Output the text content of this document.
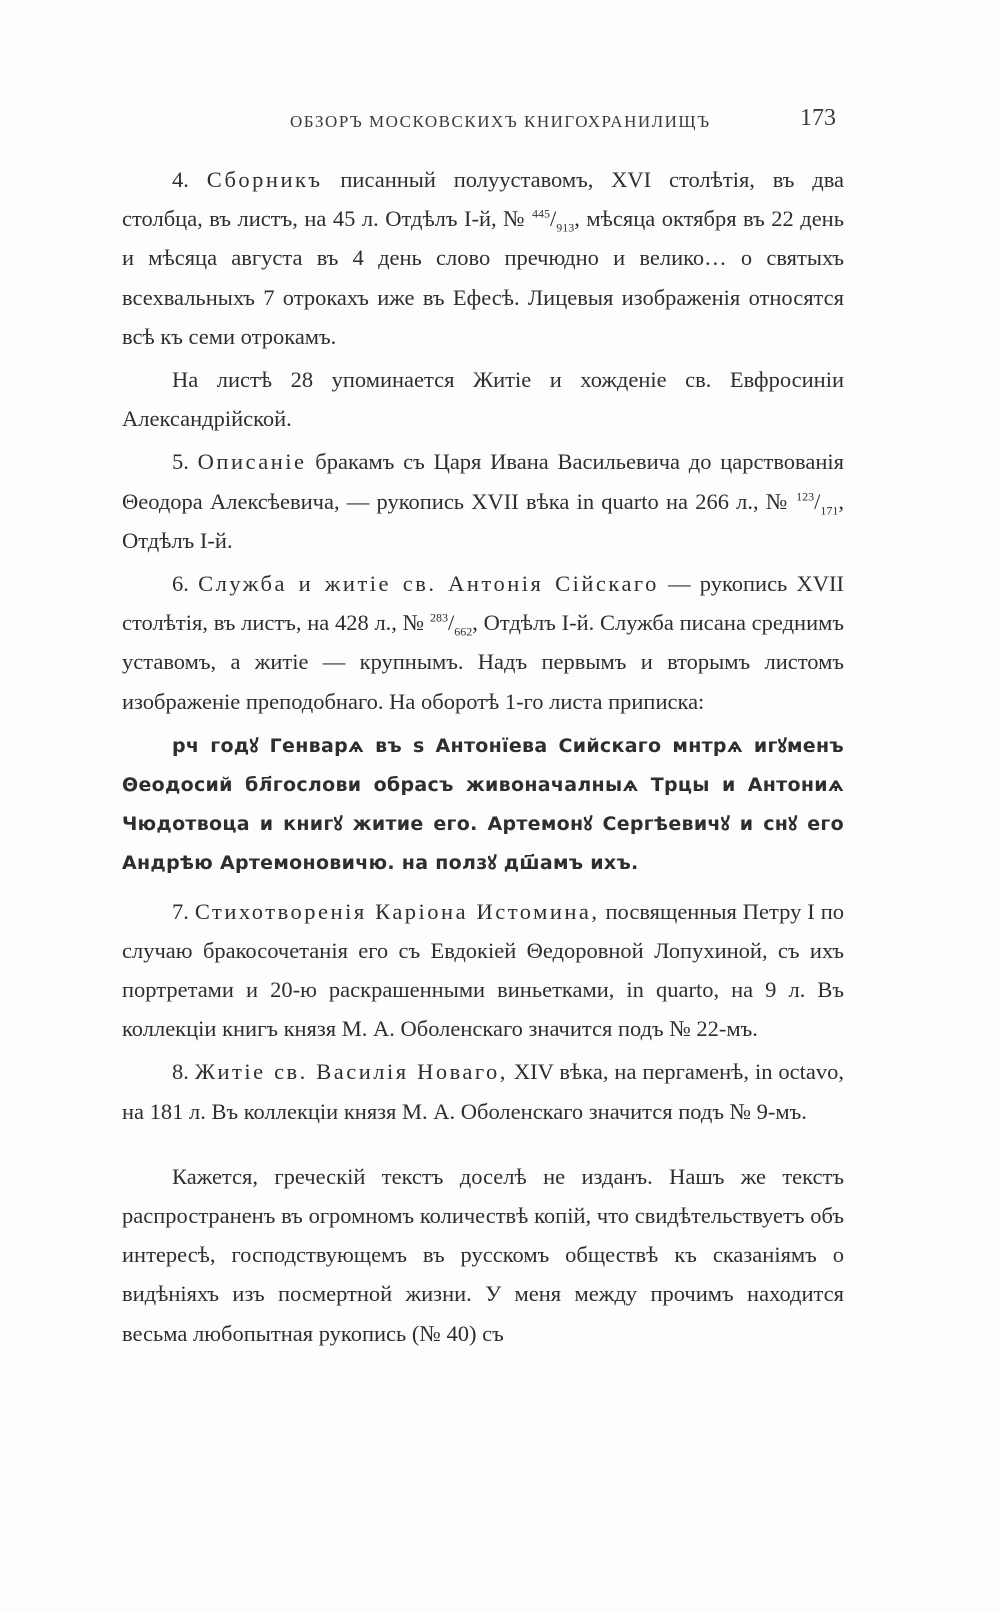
ОБЗОРЪ МОСКОВСКИХЪ КНИГОХРАНИЛИЩЪ	173

4. Сборникъ писанный полууставомъ, XVI столѣтія, въ два столбца, въ листъ, на 45 л. Отдѣлъ I-й, № $^{445}/_{913}$, мѣсяца октября въ 22 день и мѣсяца августа въ 4 день слово пречюдно и велико… о святыхъ всехвальныхъ 7 отрокахъ иже въ Ефесѣ. Лицевыя изображенія относятся всѣ къ семи отрокамъ.

На листѣ 28 упоминается Житіе и хожденіе св. Евфросиніи Александрійской.

5. Описаніе бракамъ съ Царя Ивана Васильевича до царствованія Θеодора Алексѣевича, — рукопись XVII вѣка in quarto на 266 л., № $^{123}/_{171}$, Отдѣлъ I-й.

6. Служба и житіе св. Антонія Сійскаго — рукопись XVII столѣтія, въ листъ, на 428 л., № $^{283}/_{662}$, Отдѣлъ I-й. Служба писана среднимъ уставомъ, а житіе — крупнымъ. Надъ первымъ и вторымъ листомъ изображеніе преподобнаго. На оборотѣ 1-го листа приписка:

рч годꙋ Генварѧ въ ѕ Антонїева Сийскаго мнтрѧ игꙋменъ Θеодосий бл҃гослови обрасъ живоначалныѧ Трцы и Антониѧ Чюдотвоца и книгꙋ житие его. Артемонꙋ Сергѣевичꙋ и снꙋ его Андрѣю Артемоновичю. на ползꙋ дш҃амъ ихъ.

7. Стихотворенія Каріона Истомина, посвященныя Петру I по случаю бракосочетанія его съ Евдокіей Θедоровной Лопухиной, съ ихъ портретами и 20-ю раскрашенными виньетками, in quarto, на 9 л. Въ коллекціи книгъ князя М. А. Оболенскаго значится подъ № 22-мъ.

8. Житіе св. Василія Новаго, XIV вѣка, на пергаменѣ, in octavo, на 181 л. Въ коллекціи князя М. А. Оболенскаго значится подъ № 9-мъ.

Кажется, греческій текстъ доселѣ не изданъ. Нашъ же текстъ распространенъ въ огромномъ количествѣ копій, что свидѣтельствуетъ объ интересѣ, господствующемъ въ русскомъ обществѣ къ сказаніямъ о видѣніяхъ изъ посмертной жизни. У меня между прочимъ находится весьма любопытная рукопись (№ 40) съ
